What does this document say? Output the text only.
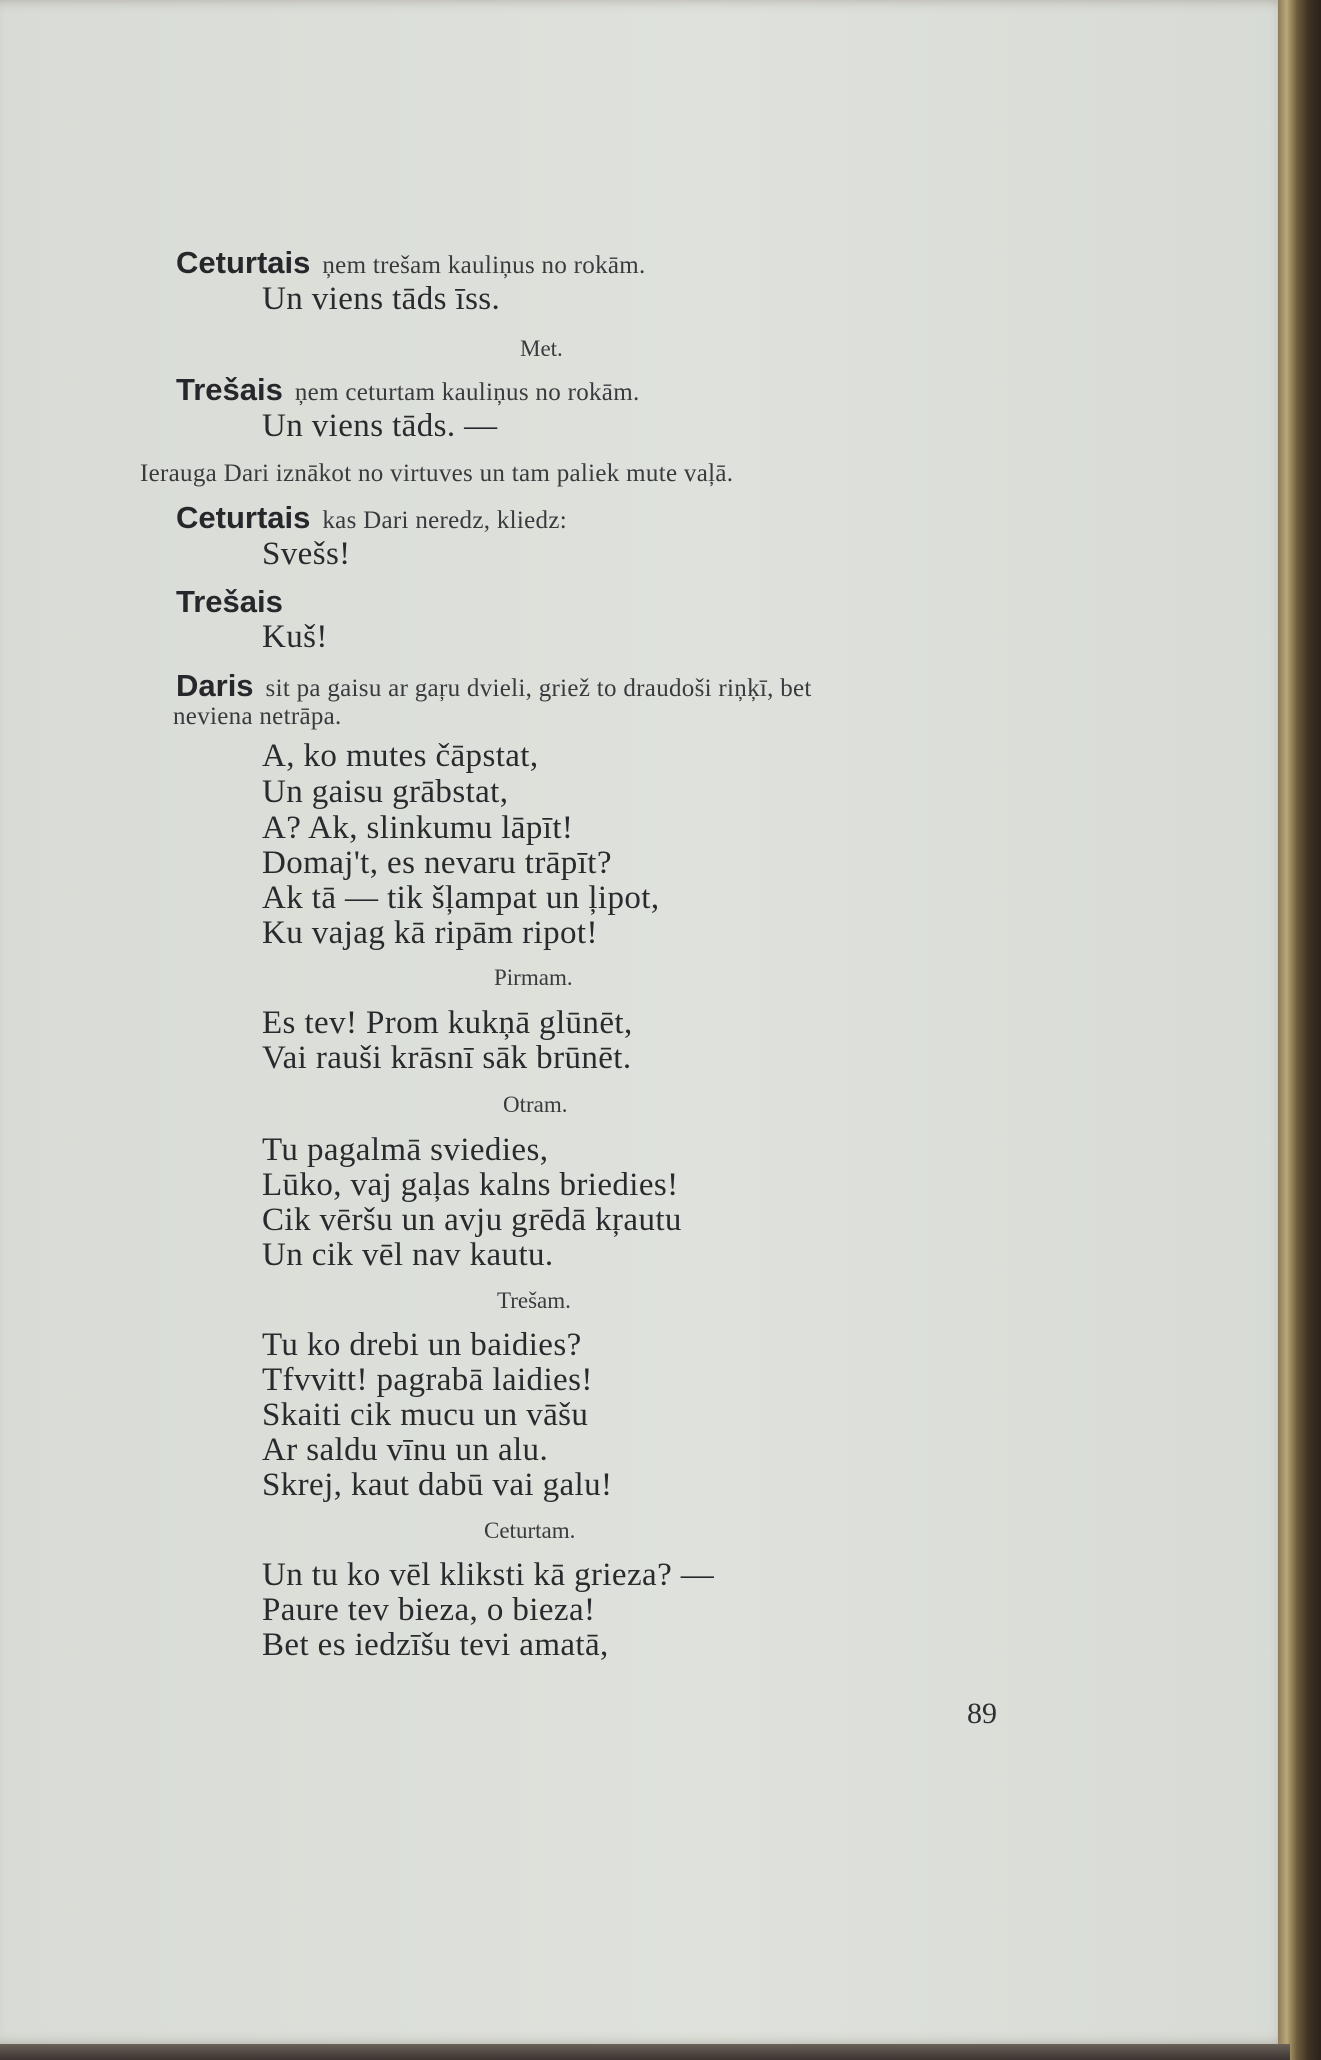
Ceturtais ņem trešam kauliņus no rokām.
Un viens tāds īss.
Met.
Trešais ņem ceturtam kauliņus no rokām.
Un viens tāds. —
Ierauga Dari iznākot no virtuves un tam paliek mute vaļā.
Ceturtais kas Dari neredz, kliedz:
Svešs!
Trešais
Kuš!
Daris sit pa gaisu ar gaŗu dvieli, griež to draudoši riņķī, bet
neviena netrāpa.
A, ko mutes čāpstat,
Un gaisu grābstat,
A? Ak, slinkumu lāpīt!
Domaj't, es nevaru trāpīt?
Ak tā — tik šļampat un ļipot,
Ku vajag kā ripām ripot!
Pirmam.
Es tev! Prom kukņā glūnēt,
Vai rauši krāsnī sāk brūnēt.
Otram.
Tu pagalmā sviedies,
Lūko, vaj gaļas kalns briedies!
Cik vēršu un avju grēdā kŗautu
Un cik vēl nav kautu.
Trešam.
Tu ko drebi un baidies?
Tfvvitt! pagrabā laidies!
Skaiti cik mucu un vāšu
Ar saldu vīnu un alu.
Skrej, kaut dabū vai galu!
Ceturtam.
Un tu ko vēl kliksti kā grieza? —
Paure tev bieza, o bieza!
Bet es iedzīšu tevi amatā,
89
